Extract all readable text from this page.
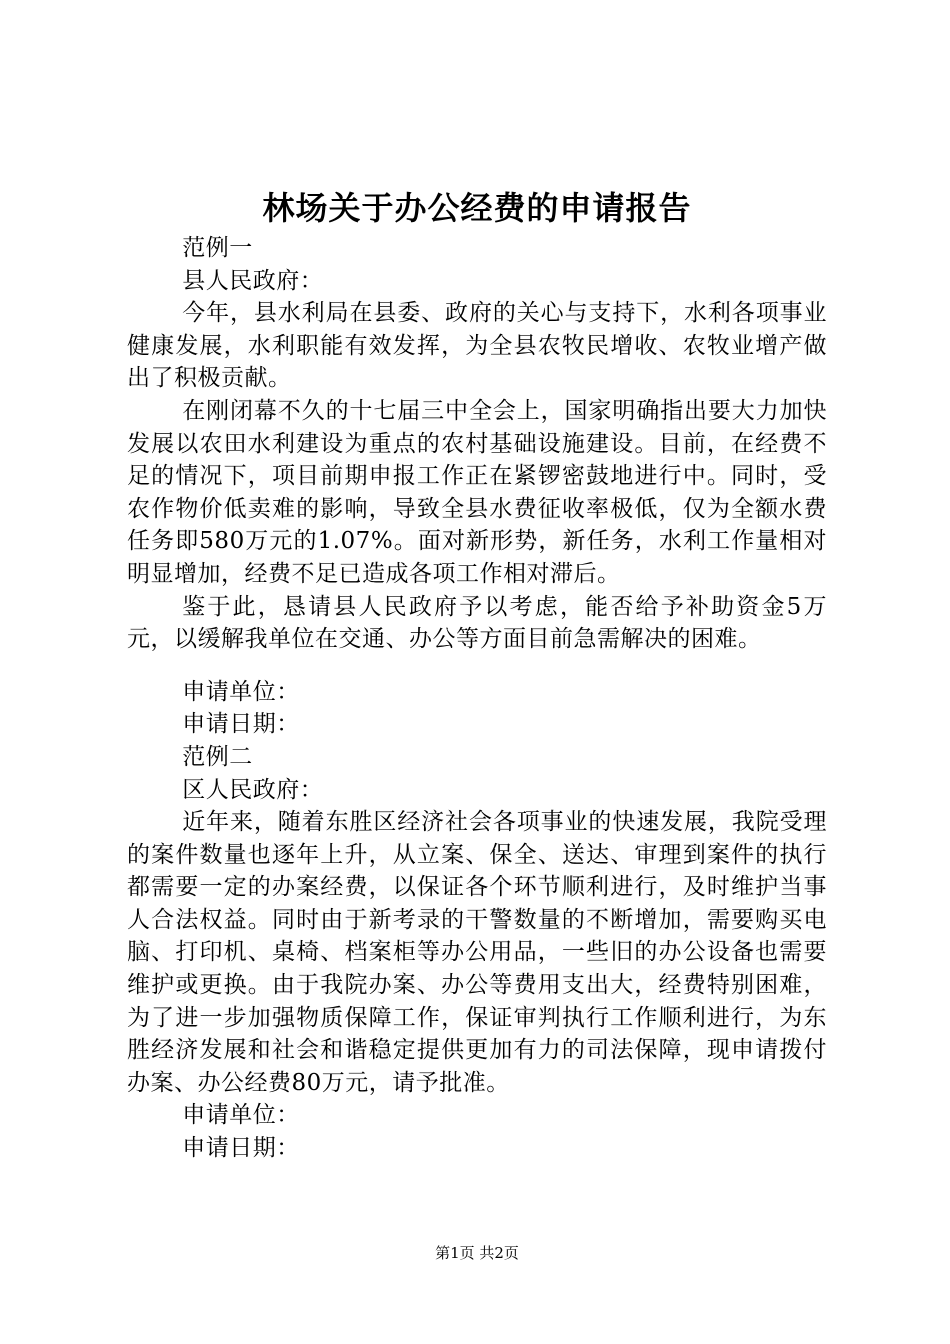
林场关于办公经费的申请报告

范例一

县人民政府：

今年，县水利局在县委、政府的关心与支持下，水利各项事业健康发展，水利职能有效发挥，为全县农牧民增收、农牧业增产做出了积极贡献。

在刚闭幕不久的十七届三中全会上，国家明确指出要大力加快发展以农田水利建设为重点的农村基础设施建设。目前，在经费不足的情况下，项目前期申报工作正在紧锣密鼓地进行中。同时，受农作物价低卖难的影响，导致全县水费征收率极低，仅为全额水费任务即580万元的1.07%。面对新形势，新任务，水利工作量相对明显增加，经费不足已造成各项工作相对滞后。

鉴于此，恳请县人民政府予以考虑，能否给予补助资金5万元，以缓解我单位在交通、办公等方面目前急需解决的困难。

申请单位：

申请日期：

范例二

区人民政府：

近年来，随着东胜区经济社会各项事业的快速发展，我院受理的案件数量也逐年上升，从立案、保全、送达、审理到案件的执行都需要一定的办案经费，以保证各个环节顺利进行，及时维护当事人合法权益。同时由于新考录的干警数量的不断增加，需要购买电脑、打印机、桌椅、档案柜等办公用品，一些旧的办公设备也需要维护或更换。由于我院办案、办公等费用支出大，经费特别困难，为了进一步加强物质保障工作，保证审判执行工作顺利进行，为东胜经济发展和社会和谐稳定提供更加有力的司法保障，现申请拨付办案、办公经费80万元，请予批准。

申请单位：

申请日期：

第1页 共2页
